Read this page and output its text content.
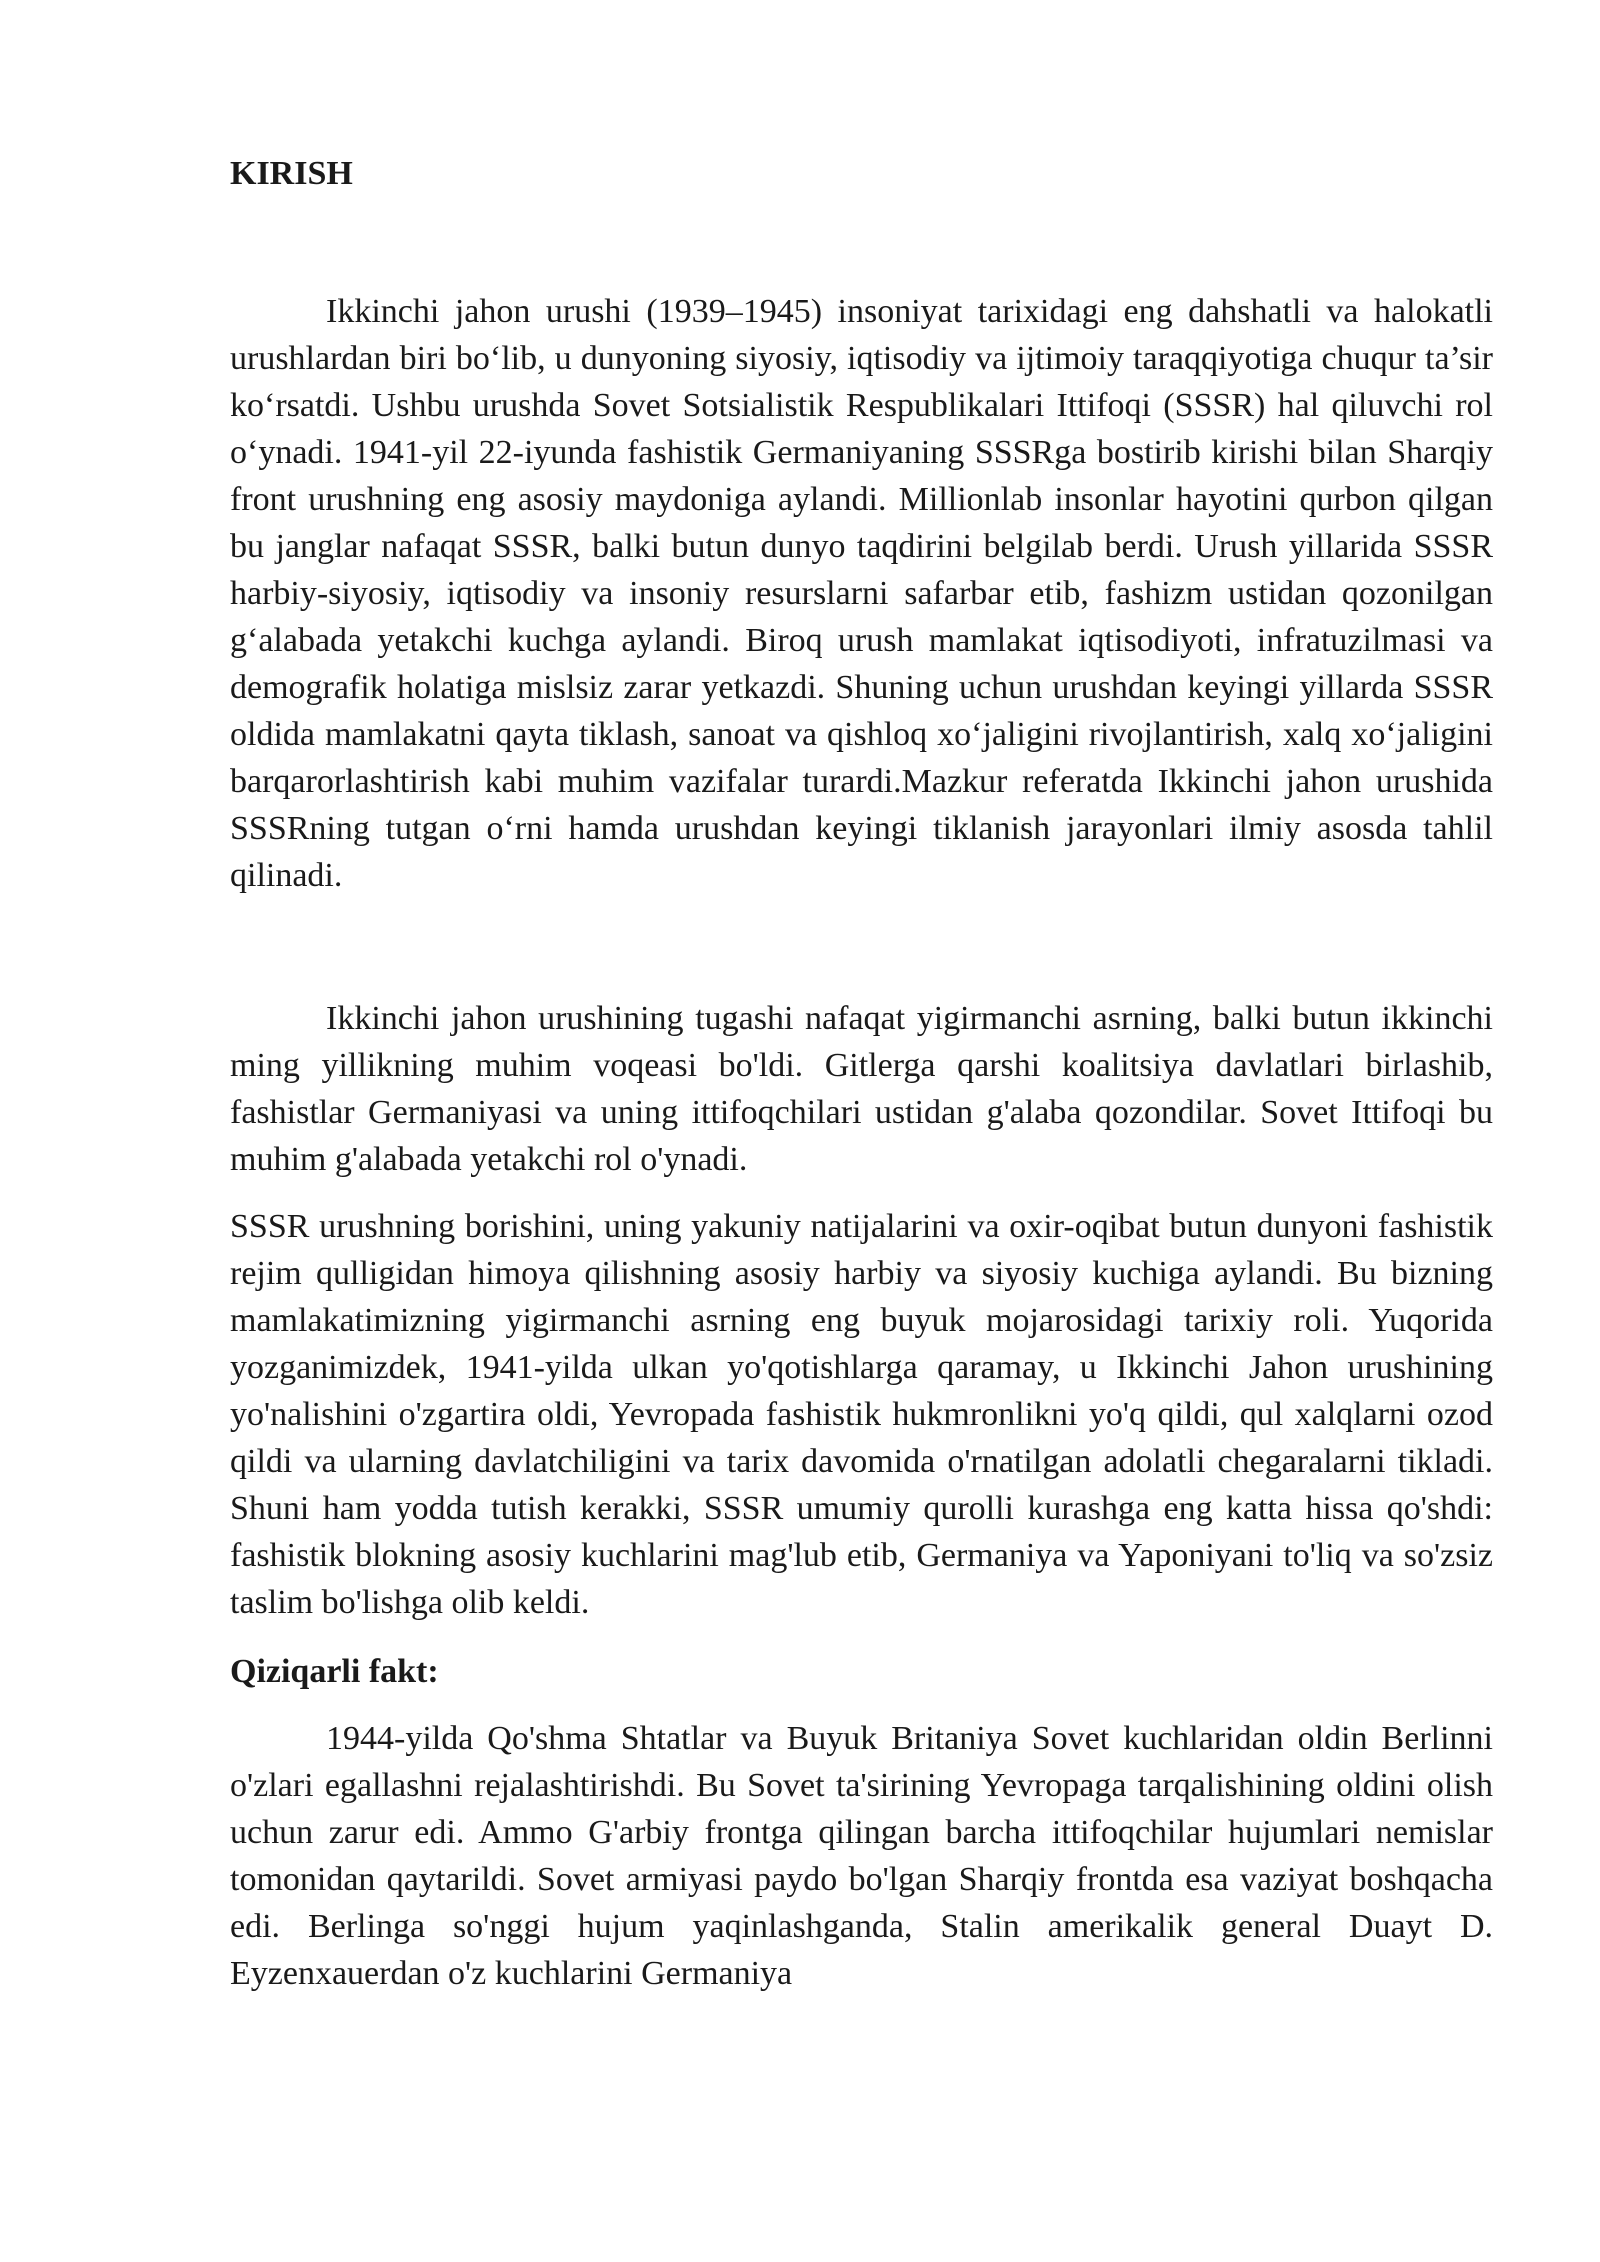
KIRISH

Ikkinchi jahon urushi (1939–1945) insoniyat tarixidagi eng dahshatli va halokatli urushlardan biri bo‘lib, u dunyoning siyosiy, iqtisodiy va ijtimoiy taraqqiyotiga chuqur ta’sir ko‘rsatdi. Ushbu urushda Sovet Sotsialistik Respublikalari Ittifoqi (SSSR) hal qiluvchi rol o‘ynadi. 1941-yil 22-iyunda fashistik Germaniyaning SSSRga bostirib kirishi bilan Sharqiy front urushning eng asosiy maydoniga aylandi. Millionlab insonlar hayotini qurbon qilgan bu janglar nafaqat SSSR, balki butun dunyo taqdirini belgilab berdi. Urush yillarida SSSR harbiy-siyosiy, iqtisodiy va insoniy resurslarni safarbar etib, fashizm ustidan qozonilgan g‘alabada yetakchi kuchga aylandi. Biroq urush mamlakat iqtisodiyoti, infratuzilmasi va demografik holatiga mislsiz zarar yetkazdi. Shuning uchun urushdan keyingi yillarda SSSR oldida mamlakatni qayta tiklash, sanoat va qishloq xo‘jaligini rivojlantirish, xalq xo‘jaligini barqarorlashtirish kabi muhim vazifalar turardi.Mazkur referatda Ikkinchi jahon urushida SSSRning tutgan o‘rni hamda urushdan keyingi tiklanish jarayonlari ilmiy asosda tahlil qilinadi.

Ikkinchi jahon urushining tugashi nafaqat yigirmanchi asrning, balki butun ikkinchi ming yillikning muhim voqeasi bo'ldi. Gitlerga qarshi koalitsiya davlatlari birlashib, fashistlar Germaniyasi va uning ittifoqchilari ustidan g'alaba qozondilar. Sovet Ittifoqi bu muhim g'alabada yetakchi rol o'ynadi.

SSSR urushning borishini, uning yakuniy natijalarini va oxir-oqibat butun dunyoni fashistik rejim qulligidan himoya qilishning asosiy harbiy va siyosiy kuchiga aylandi. Bu bizning mamlakatimizning yigirmanchi asrning eng buyuk mojarosidagi tarixiy roli. Yuqorida yozganimizdek, 1941-yilda ulkan yo'qotishlarga qaramay, u Ikkinchi Jahon urushining yo'nalishini o'zgartira oldi, Yevropada fashistik hukmronlikni yo'q qildi, qul xalqlarni ozod qildi va ularning davlatchiligini va tarix davomida o'rnatilgan adolatli chegaralarni tikladi. Shuni ham yodda tutish kerakki, SSSR umumiy qurolli kurashga eng katta hissa qo'shdi: fashistik blokning asosiy kuchlarini mag'lub etib, Germaniya va Yaponiyani to'liq va so'zsiz taslim bo'lishga olib keldi.

Qiziqarli fakt:

1944-yilda Qo'shma Shtatlar va Buyuk Britaniya Sovet kuchlaridan oldin Berlinni o'zlari egallashni rejalashtirishdi. Bu Sovet ta'sirining Yevropaga tarqalishining oldini olish uchun zarur edi. Ammo G'arbiy frontga qilingan barcha ittifoqchilar hujumlari nemislar tomonidan qaytarildi. Sovet armiyasi paydo bo'lgan Sharqiy frontda esa vaziyat boshqacha edi. Berlinga so'nggi hujum yaqinlashganda, Stalin amerikalik general Duayt D. Eyzenxauerdan o'z kuchlarini Germaniya
